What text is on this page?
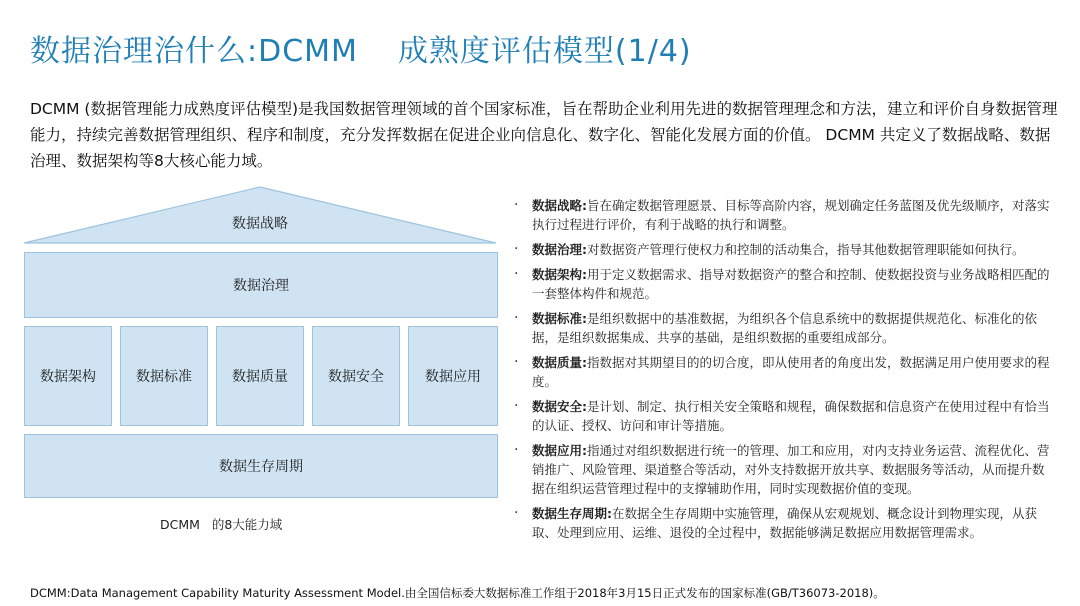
数据治理治什么:DCMM 成熟度评估模型(1/4)
DCMM (数据管理能力成熟度评估模型)是我国数据管理领域的首个国家标准，旨在帮助企业利用先进的数据管理理念和方法，建立和评价自身数据管理能力，持续完善数据管理组织、程序和制度，充分发挥数据在促进企业向信息化、数字化、智能化发展方面的价值。 DCMM 共定义了数据战略、数据治理、数据架构等8大核心能力域。
数据战略
数据治理
数据架构	数据标准	数据质量	数据安全	数据应用
数据生存周期
DCMM   的8大能力域
· 数据战略:旨在确定数据管理愿景、目标等高阶内容，规划确定任务蓝图及优先级顺序，对落实执行过程进行评价，有利于战略的执行和调整。
· 数据治理:对数据资产管理行使权力和控制的活动集合，指导其他数据管理职能如何执行。
· 数据架构:用于定义数据需求、指导对数据资产的整合和控制、使数据投资与业务战略相匹配的一套整体构件和规范。
· 数据标准:是组织数据中的基准数据，为组织各个信息系统中的数据提供规范化、标准化的依据，是组织数据集成、共享的基础，是组织数据的重要组成部分。
· 数据质量:指数据对其期望目的的切合度，即从使用者的角度出发，数据满足用户使用要求的程度。
· 数据安全:是计划、制定、执行相关安全策略和规程，确保数据和信息资产在使用过程中有恰当的认证、授权、访问和审计等措施。
· 数据应用:指通过对组织数据进行统一的管理、加工和应用，对内支持业务运营、流程优化、营销推广、风险管理、渠道整合等活动，对外支持数据开放共享、数据服务等活动，从而提升数据在组织运营管理过程中的支撑辅助作用，同时实现数据价值的变现。
· 数据生存周期:在数据全生存周期中实施管理，确保从宏观规划、概念设计到物理实现，从获取、处理到应用、运维、退役的全过程中，数据能够满足数据应用数据管理需求。
DCMM:Data Management Capability Maturity Assessment Model.由全国信标委大数据标准工作组于2018年3月15日正式发布的国家标准(GB/T36073-2018)。
